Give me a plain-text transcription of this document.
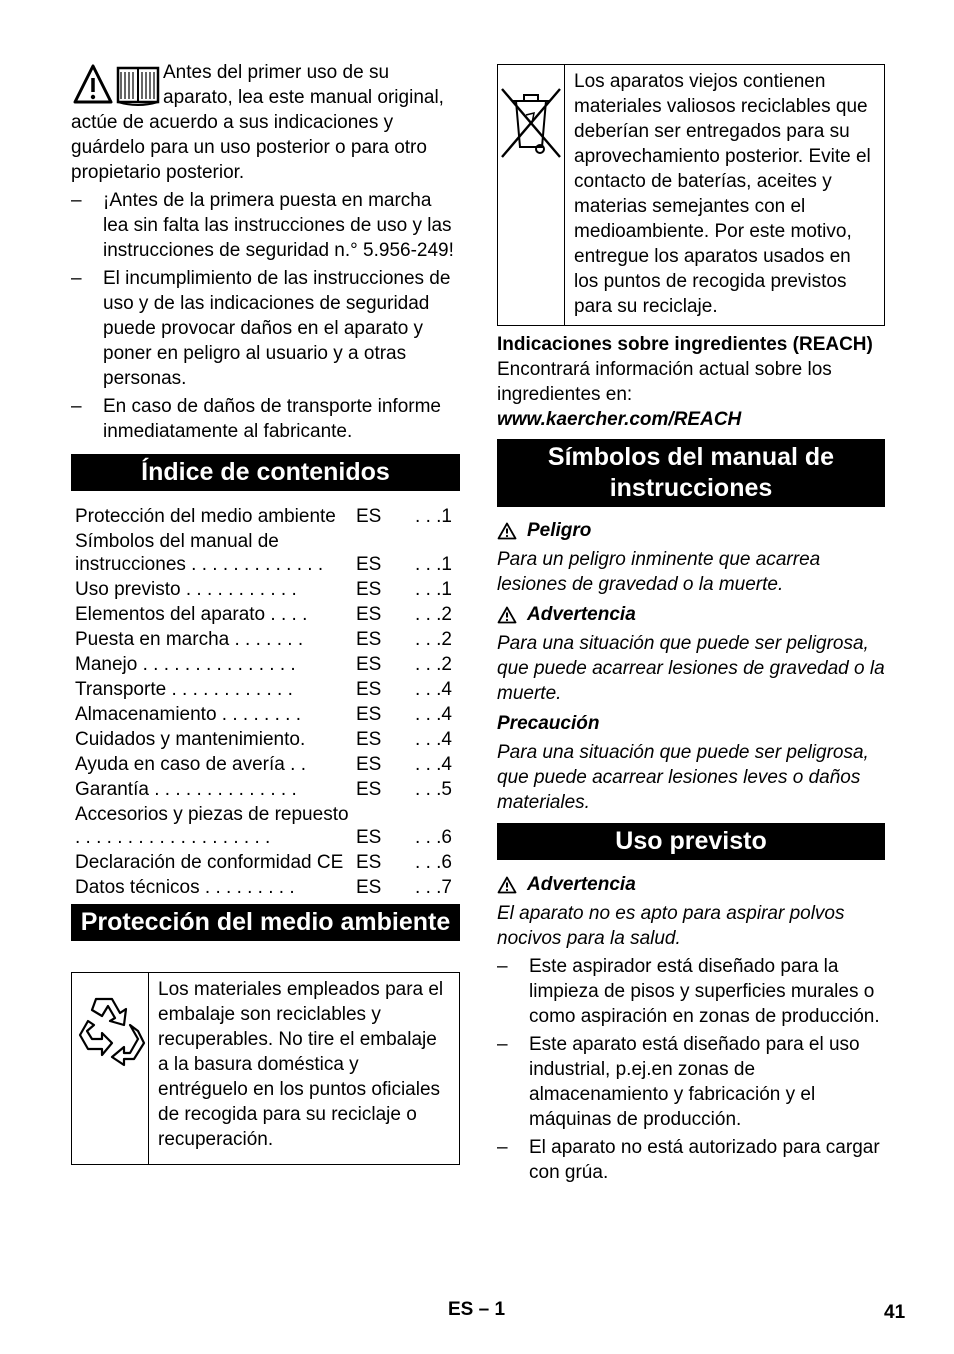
Antes del primer uso de su aparato, lea este manual original, actúe de acuerdo a sus indicaciones y guárdelo para un uso posterior o para otro propietario posterior.

– ¡Antes de la primera puesta en marcha lea sin falta las instrucciones de uso y las instrucciones de seguridad n.° 5.956-249!
– El incumplimiento de las instrucciones de uso y de las indicaciones de seguridad puede provocar daños en el aparato y poner en peligro al usuario y a otras personas.
– En caso de daños de transporte informe inmediatamente al fabricante.
Índice de contenidos
Protección del medio ambiente	ES	. . .1
Símbolos del manual de instrucciones . . . . . . . . . . . . .	ES	. . .1
Uso previsto . . . . . . . . . . .	ES	. . .1
Elementos del aparato . . . .	ES	. . .2
Puesta en marcha . . . . . . .	ES	. . .2
Manejo . . . . . . . . . . . . . . .	ES	. . .2
Transporte . . . . . . . . . . . .	ES	. . .4
Almacenamiento . . . . . . . .	ES	. . .4
Cuidados y mantenimiento.	ES	. . .4
Ayuda en caso de avería . .	ES	. . .4
Garantía . . . . . . . . . . . . . .	ES	. . .5
Accesorios y piezas de repuesto . . . . . . . . . . . . . . . . . . .	ES	. . .6
Declaración de conformidad CE	ES	. . .6
Datos técnicos . . . . . . . . .	ES	. . .7
Protección del medio ambiente

Los materiales empleados para el embalaje son reciclables y recuperables. No tire el embalaje a la basura doméstica y entréguelo en los puntos oficiales de recogida para su reciclaje o recuperación.

Los aparatos viejos contienen materiales valiosos reciclables que deberían ser entregados para su aprovechamiento posterior. Evite el contacto de baterías, aceites y materias semejantes con el medioambiente. Por este motivo, entregue los aparatos usados en los puntos de recogida previstos para su reciclaje.

Indicaciones sobre ingredientes (REACH)

Encontrará información actual sobre los ingredientes en:

www.kaercher.com/REACH

Símbolos del manual de instrucciones
Peligro

Para un peligro inminente que acarrea lesiones de gravedad o la muerte.

Advertencia

Para una situación que puede ser peligrosa, que puede acarrear lesiones de gravedad o la muerte.

Precaución

Para una situación que puede ser peligrosa, que puede acarrear lesiones leves o daños materiales.

Uso previsto
Advertencia

El aparato no es apto para aspirar polvos nocivos para la salud.

– Este aspirador está diseñado para la limpieza de pisos y superficies murales o como aspiración en zonas de producción.
– Este aparato está diseñado para el uso industrial, p.ej.en zonas de almacenamiento y fabricación y el máquinas de producción.
– El aparato no está autorizado para cargar con grúa.
ES – 1	41
